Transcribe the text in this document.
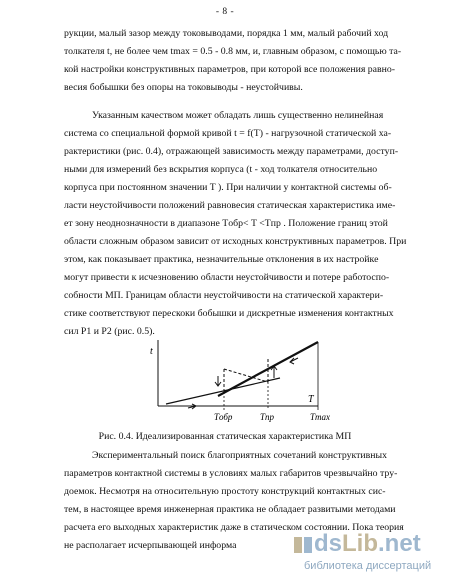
- 8 -
рукции, малый зазор между токовыводами, порядка 1 мм, малый рабочий ход
толкателя t, не более чем tmax = 0.5 - 0.8 мм, и, главным образом, с помощью та-
кой настройки конструктивных параметров, при которой все положения равно-
весия бобышки без опоры на токовыводы - неустойчивы.
Указанным качеством может обладать лишь существенно нелинейная
система со специальной формой кривой t = f(T) - нагрузочной статической ха-
рактеристики (рис. 0.4), отражающей зависимость между параметрами, доступ-
ными для измерений без вскрытия корпуса (t - ход толкателя относительно
корпуса при постоянном значении T ). При наличии у контактной системы об-
ласти неустойчивости положений равновесия статическая характеристика име-
ет зону неоднозначности в диапазоне Tобр< T <Tпр . Положение границ этой
области сложным образом зависит от исходных конструктивных параметров. При
этом, как показывает практика, незначительные отклонения в их настройке
могут привести к исчезновению области неустойчивости и потере работоспо-
собности МП. Границам области неустойчивости на статической характери-
стике соответствуют перескоки бобышки и дискретные изменения контактных
сил P1 и P2 (рис. 0.5).
t
T
Tобр	Tпр	Tmax
Рис. 0.4. Идеализированная статическая характеристика МП
Экспериментальный поиск благоприятных сочетаний конструктивных
параметров контактной системы в условиях малых габаритов чрезвычайно тру-
доемок. Несмотря на относительную простоту конструкций контактных сис-
тем, в настоящее время инженерная практика не обладает развитыми методами
расчета его выходных характеристик даже в статическом состоянии. Пока теория
не располагает исчерпывающей информа	dsLib.net
библиотека диссертаций
